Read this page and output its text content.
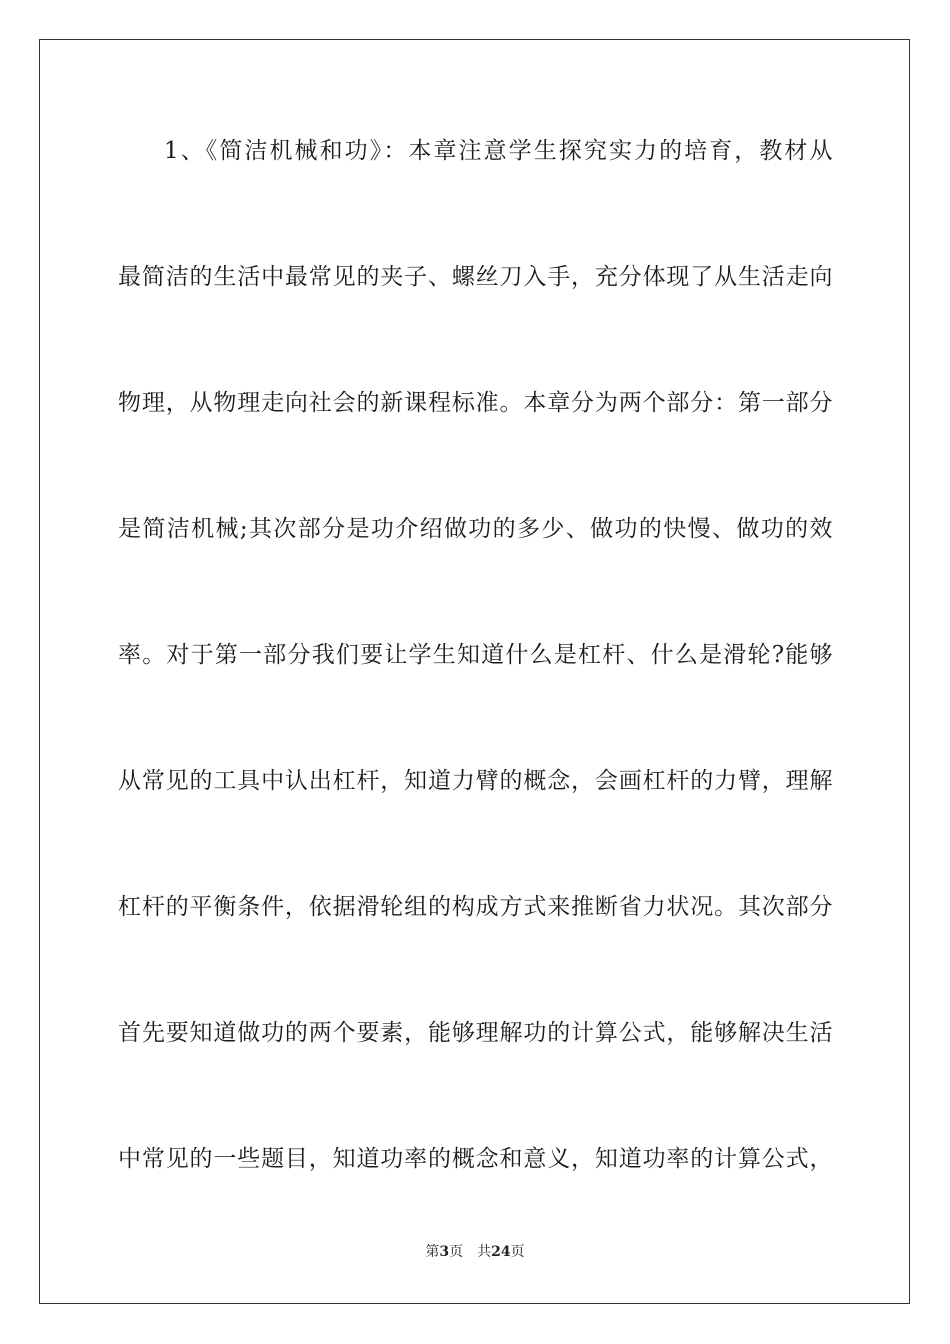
1、《简洁机械和功》：本章注意学生探究实力的培育，教材从
最简洁的生活中最常见的夹子、螺丝刀入手，充分体现了从生活走向
物理，从物理走向社会的新课程标准。本章分为两个部分：第一部分
是简洁机械;其次部分是功介绍做功的多少、做功的快慢、做功的效
率。对于第一部分我们要让学生知道什么是杠杆、什么是滑轮?能够
从常见的工具中认出杠杆，知道力臂的概念，会画杠杆的力臂，理解
杠杆的平衡条件，依据滑轮组的构成方式来推断省力状况。其次部分
首先要知道做功的两个要素，能够理解功的计算公式，能够解决生活
中常见的一些题目，知道功率的概念和意义，知道功率的计算公式，
第3页 共24页
